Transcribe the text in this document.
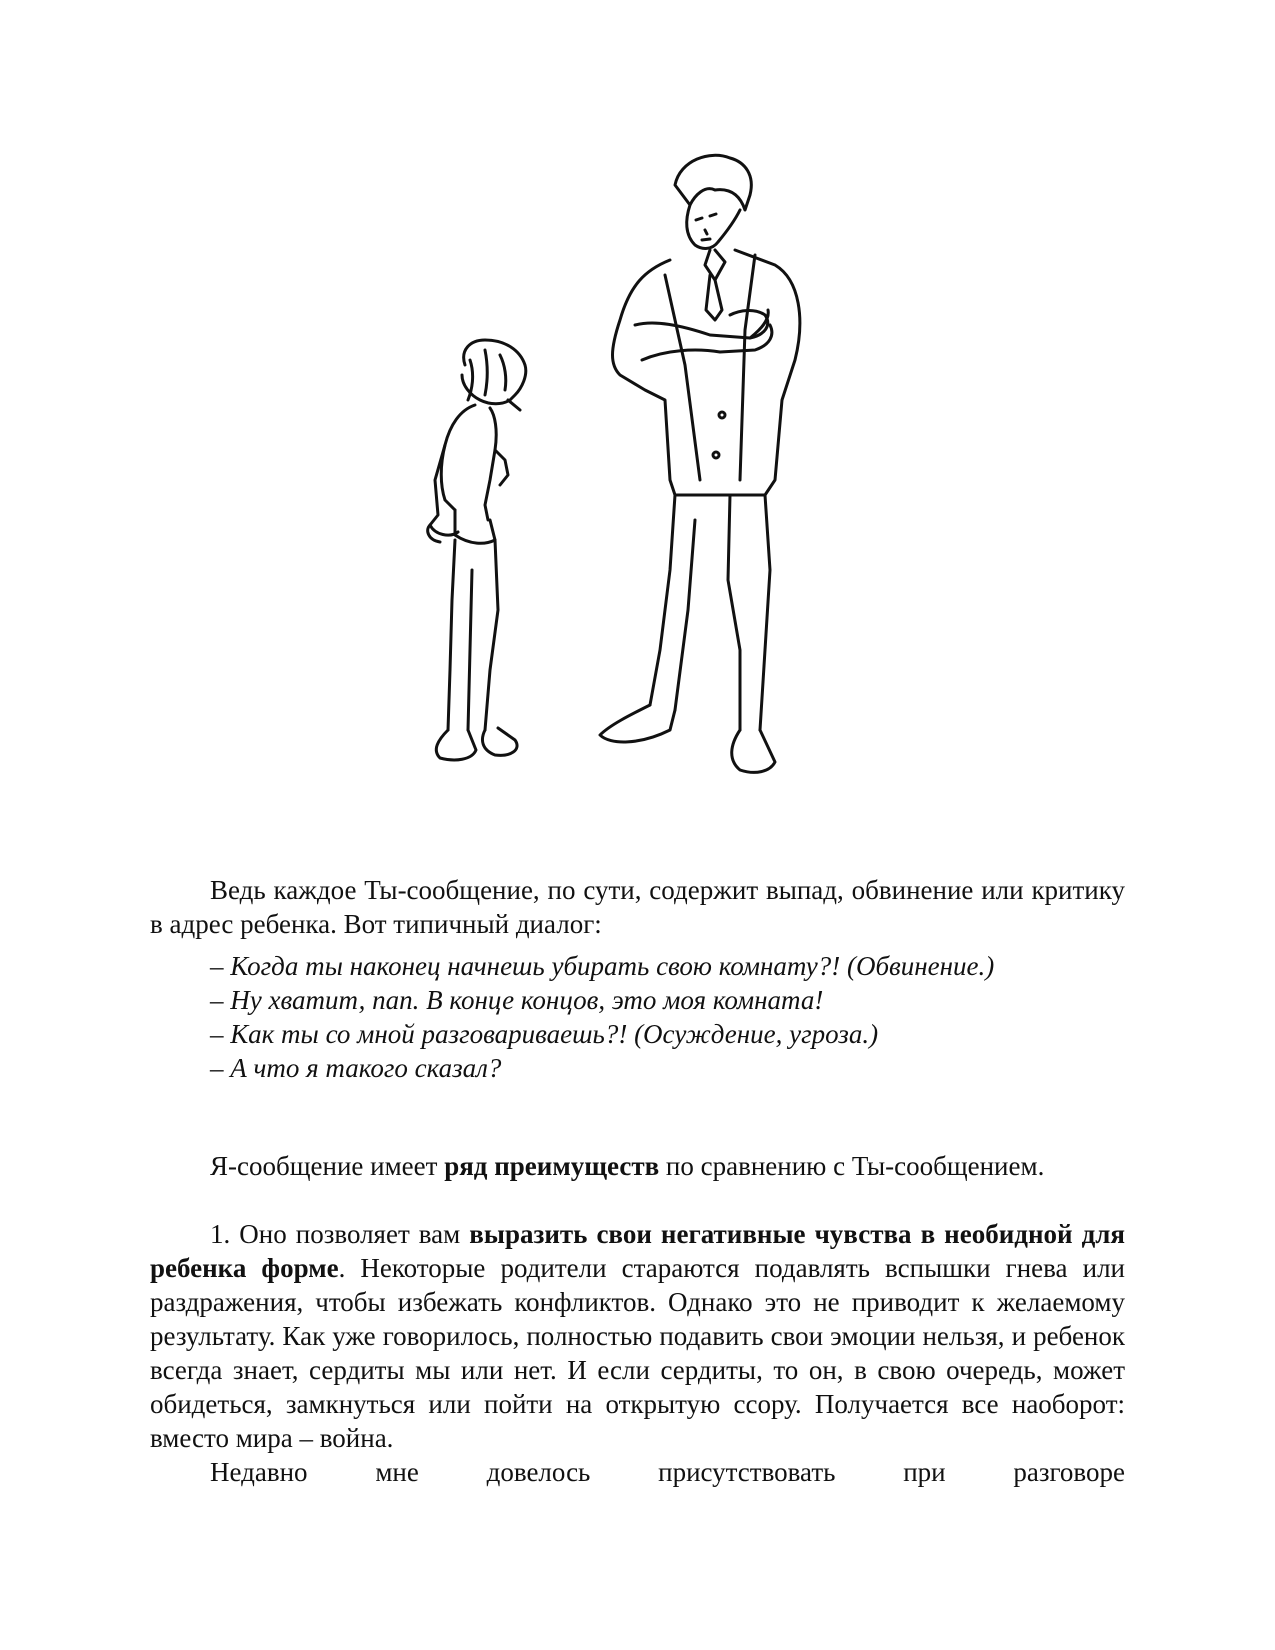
Ведь каждое Ты-сообщение, по сути, содержит выпад, обвинение или критику в адрес ребенка. Вот типичный диалог:

– Когда ты наконец начнешь убирать свою комнату?! (Обвинение.)
– Ну хватит, пап. В конце концов, это моя комната!
– Как ты со мной разговариваешь?! (Осуждение, угроза.)
– А что я такого сказал?

Я-сообщение имеет ряд преимуществ по сравнению с Ты-сообщением.

1. Оно позволяет вам выразить свои негативные чувства в необидной для ребенка форме. Некоторые родители стараются подавлять вспышки гнева или раздражения, чтобы избежать конфликтов. Однако это не приводит к желаемому результату. Как уже говорилось, полностью подавить свои эмоции нельзя, и ребенок всегда знает, сердиты мы или нет. И если сердиты, то он, в свою очередь, может обидеться, замкнуться или пойти на открытую ссору. Получается все наоборот: вместо мира – война.

Недавно мне довелось присутствовать при разговоре
